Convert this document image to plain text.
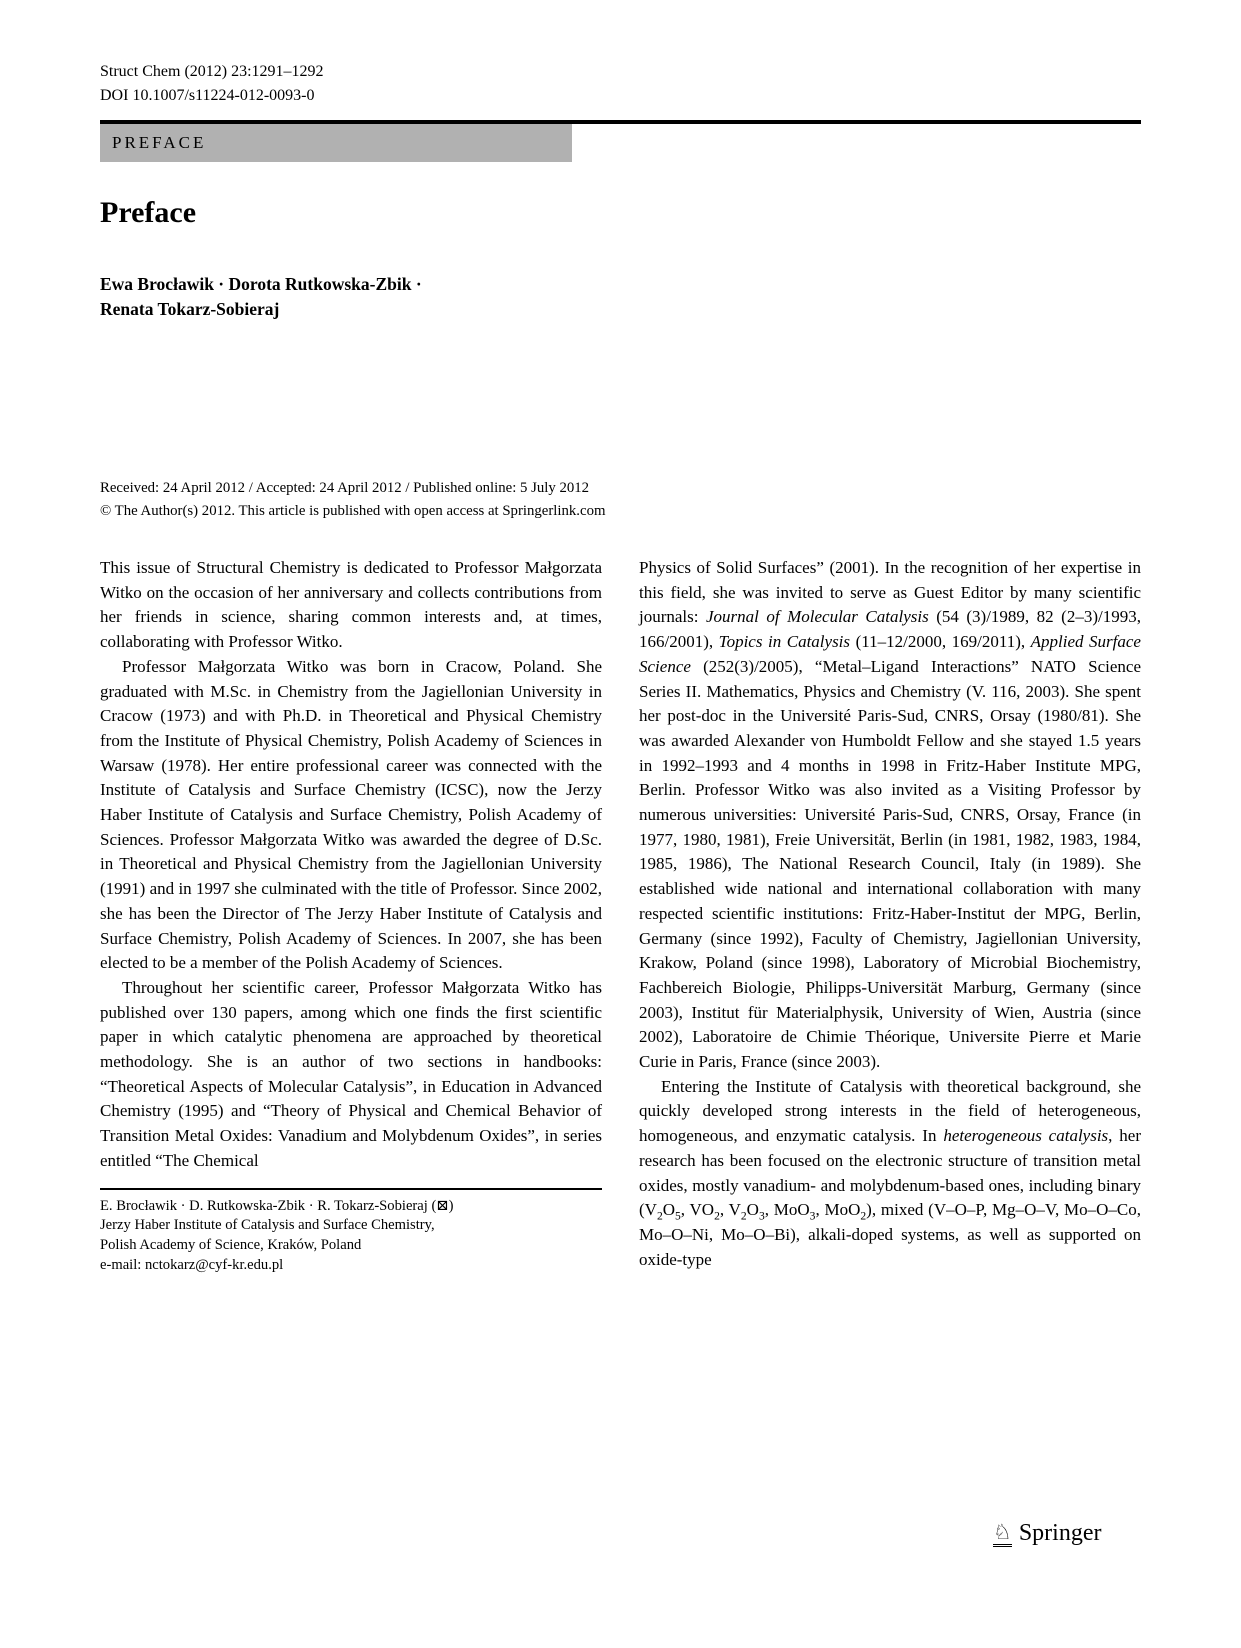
Struct Chem (2012) 23:1291–1292
DOI 10.1007/s11224-012-0093-0
PREFACE
Preface
Ewa Brocławik · Dorota Rutkowska-Zbik ·
Renata Tokarz-Sobieraj
Received: 24 April 2012 / Accepted: 24 April 2012 / Published online: 5 July 2012
© The Author(s) 2012. This article is published with open access at Springerlink.com

This issue of Structural Chemistry is dedicated to Professor Małgorzata Witko on the occasion of her anniversary and collects contributions from her friends in science, sharing common interests and, at times, collaborating with Professor Witko.

Professor Małgorzata Witko was born in Cracow, Poland. She graduated with M.Sc. in Chemistry from the Jagiellonian University in Cracow (1973) and with Ph.D. in Theoretical and Physical Chemistry from the Institute of Physical Chemistry, Polish Academy of Sciences in Warsaw (1978). Her entire professional career was connected with the Institute of Catalysis and Surface Chemistry (ICSC), now the Jerzy Haber Institute of Catalysis and Surface Chemistry, Polish Academy of Sciences. Professor Małgorzata Witko was awarded the degree of D.Sc. in Theoretical and Physical Chemistry from the Jagiellonian University (1991) and in 1997 she culminated with the title of Professor. Since 2002, she has been the Director of The Jerzy Haber Institute of Catalysis and Surface Chemistry, Polish Academy of Sciences. In 2007, she has been elected to be a member of the Polish Academy of Sciences.

Throughout her scientific career, Professor Małgorzata Witko has published over 130 papers, among which one finds the first scientific paper in which catalytic phenomena are approached by theoretical methodology. She is an author of two sections in handbooks: “Theoretical Aspects of Molecular Catalysis”, in Education in Advanced Chemistry (1995) and “Theory of Physical and Chemical Behavior of Transition Metal Oxides: Vanadium and Molybdenum Oxides”, in series entitled “The Chemical

E. Brocławik · D. Rutkowska-Zbik · R. Tokarz-Sobieraj (⊠)
Jerzy Haber Institute of Catalysis and Surface Chemistry,
Polish Academy of Science, Kraków, Poland
e-mail: nctokarz@cyf-kr.edu.pl

Physics of Solid Surfaces” (2001). In the recognition of her expertise in this field, she was invited to serve as Guest Editor by many scientific journals: Journal of Molecular Catalysis (54 (3)/1989, 82 (2–3)/1993, 166/2001), Topics in Catalysis (11–12/2000, 169/2011), Applied Surface Science (252(3)/2005), “Metal–Ligand Interactions” NATO Science Series II. Mathematics, Physics and Chemistry (V. 116, 2003). She spent her post-doc in the Université Paris-Sud, CNRS, Orsay (1980/81). She was awarded Alexander von Humboldt Fellow and she stayed 1.5 years in 1992–1993 and 4 months in 1998 in Fritz-Haber Institute MPG, Berlin. Professor Witko was also invited as a Visiting Professor by numerous universities: Université Paris-Sud, CNRS, Orsay, France (in 1977, 1980, 1981), Freie Universität, Berlin (in 1981, 1982, 1983, 1984, 1985, 1986), The National Research Council, Italy (in 1989). She established wide national and international collaboration with many respected scientific institutions: Fritz-Haber-Institut der MPG, Berlin, Germany (since 1992), Faculty of Chemistry, Jagiellonian University, Krakow, Poland (since 1998), Laboratory of Microbial Biochemistry, Fachbereich Biologie, Philipps-Universität Marburg, Germany (since 2003), Institut für Materialphysik, University of Wien, Austria (since 2002), Laboratoire de Chimie Théorique, Universite Pierre et Marie Curie in Paris, France (since 2003).

Entering the Institute of Catalysis with theoretical background, she quickly developed strong interests in the field of heterogeneous, homogeneous, and enzymatic catalysis. In heterogeneous catalysis, her research has been focused on the electronic structure of transition metal oxides, mostly vanadium- and molybdenum-based ones, including binary ($V_2O_5$, $VO_2$, $V_2O_3$, MoO$_3$, MoO$_2$), mixed (V–O–P, Mg–O–V, Mo–O–Co, Mo–O–Ni, Mo–O–Bi), alkali-doped systems, as well as supported on oxide-type

♘ Springer
